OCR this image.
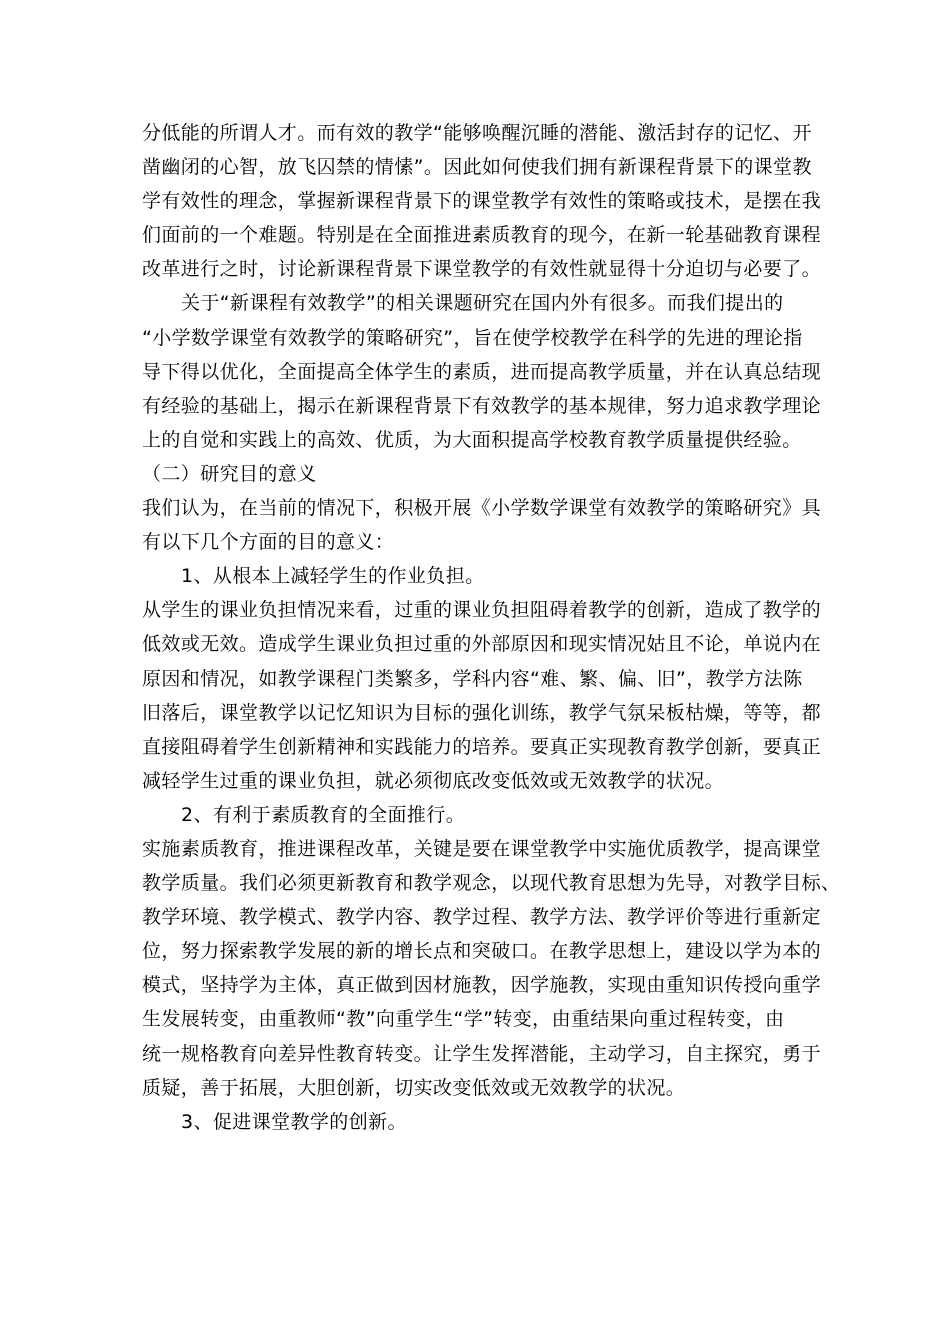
分低能的所谓人才。而有效的教学“能够唤醒沉睡的潜能、激活封存的记忆、开

凿幽闭的心智，放飞囚禁的情愫”。因此如何使我们拥有新课程背景下的课堂教

学有效性的理念，掌握新课程背景下的课堂教学有效性的策略或技术，是摆在我

们面前的一个难题。特别是在全面推进素质教育的现今，在新一轮基础教育课程

改革进行之时，讨论新课程背景下课堂教学的有效性就显得十分迫切与必要了。

关于“新课程有效教学”的相关课题研究在国内外有很多。而我们提出的

“小学数学课堂有效教学的策略研究”，旨在使学校教学在科学的先进的理论指

导下得以优化，全面提高全体学生的素质，进而提高教学质量，并在认真总结现

有经验的基础上，揭示在新课程背景下有效教学的基本规律，努力追求教学理论

上的自觉和实践上的高效、优质，为大面积提高学校教育教学质量提供经验。

（二）研究目的意义

我们认为，在当前的情况下，积极开展《小学数学课堂有效教学的策略研究》具

有以下几个方面的目的意义：

1、从根本上减轻学生的作业负担。

从学生的课业负担情况来看，过重的课业负担阻碍着教学的创新，造成了教学的

低效或无效。造成学生课业负担过重的外部原因和现实情况姑且不论，单说内在

原因和情况，如教学课程门类繁多，学科内容“难、繁、偏、旧”，教学方法陈

旧落后，课堂教学以记忆知识为目标的强化训练，教学气氛呆板枯燥，等等，都

直接阻碍着学生创新精神和实践能力的培养。要真正实现教育教学创新，要真正

减轻学生过重的课业负担，就必须彻底改变低效或无效教学的状况。

2、有利于素质教育的全面推行。

实施素质教育，推进课程改革，关键是要在课堂教学中实施优质教学，提高课堂

教学质量。我们必须更新教育和教学观念，以现代教育思想为先导，对教学目标、

教学环境、教学模式、教学内容、教学过程、教学方法、教学评价等进行重新定

位，努力探索教学发展的新的增长点和突破口。在教学思想上，建设以学为本的

模式，坚持学为主体，真正做到因材施教，因学施教，实现由重知识传授向重学

生发展转变，由重教师“教”向重学生“学”转变，由重结果向重过程转变，由

统一规格教育向差异性教育转变。让学生发挥潜能，主动学习，自主探究，勇于

质疑，善于拓展，大胆创新，切实改变低效或无效教学的状况。

3、促进课堂教学的创新。
